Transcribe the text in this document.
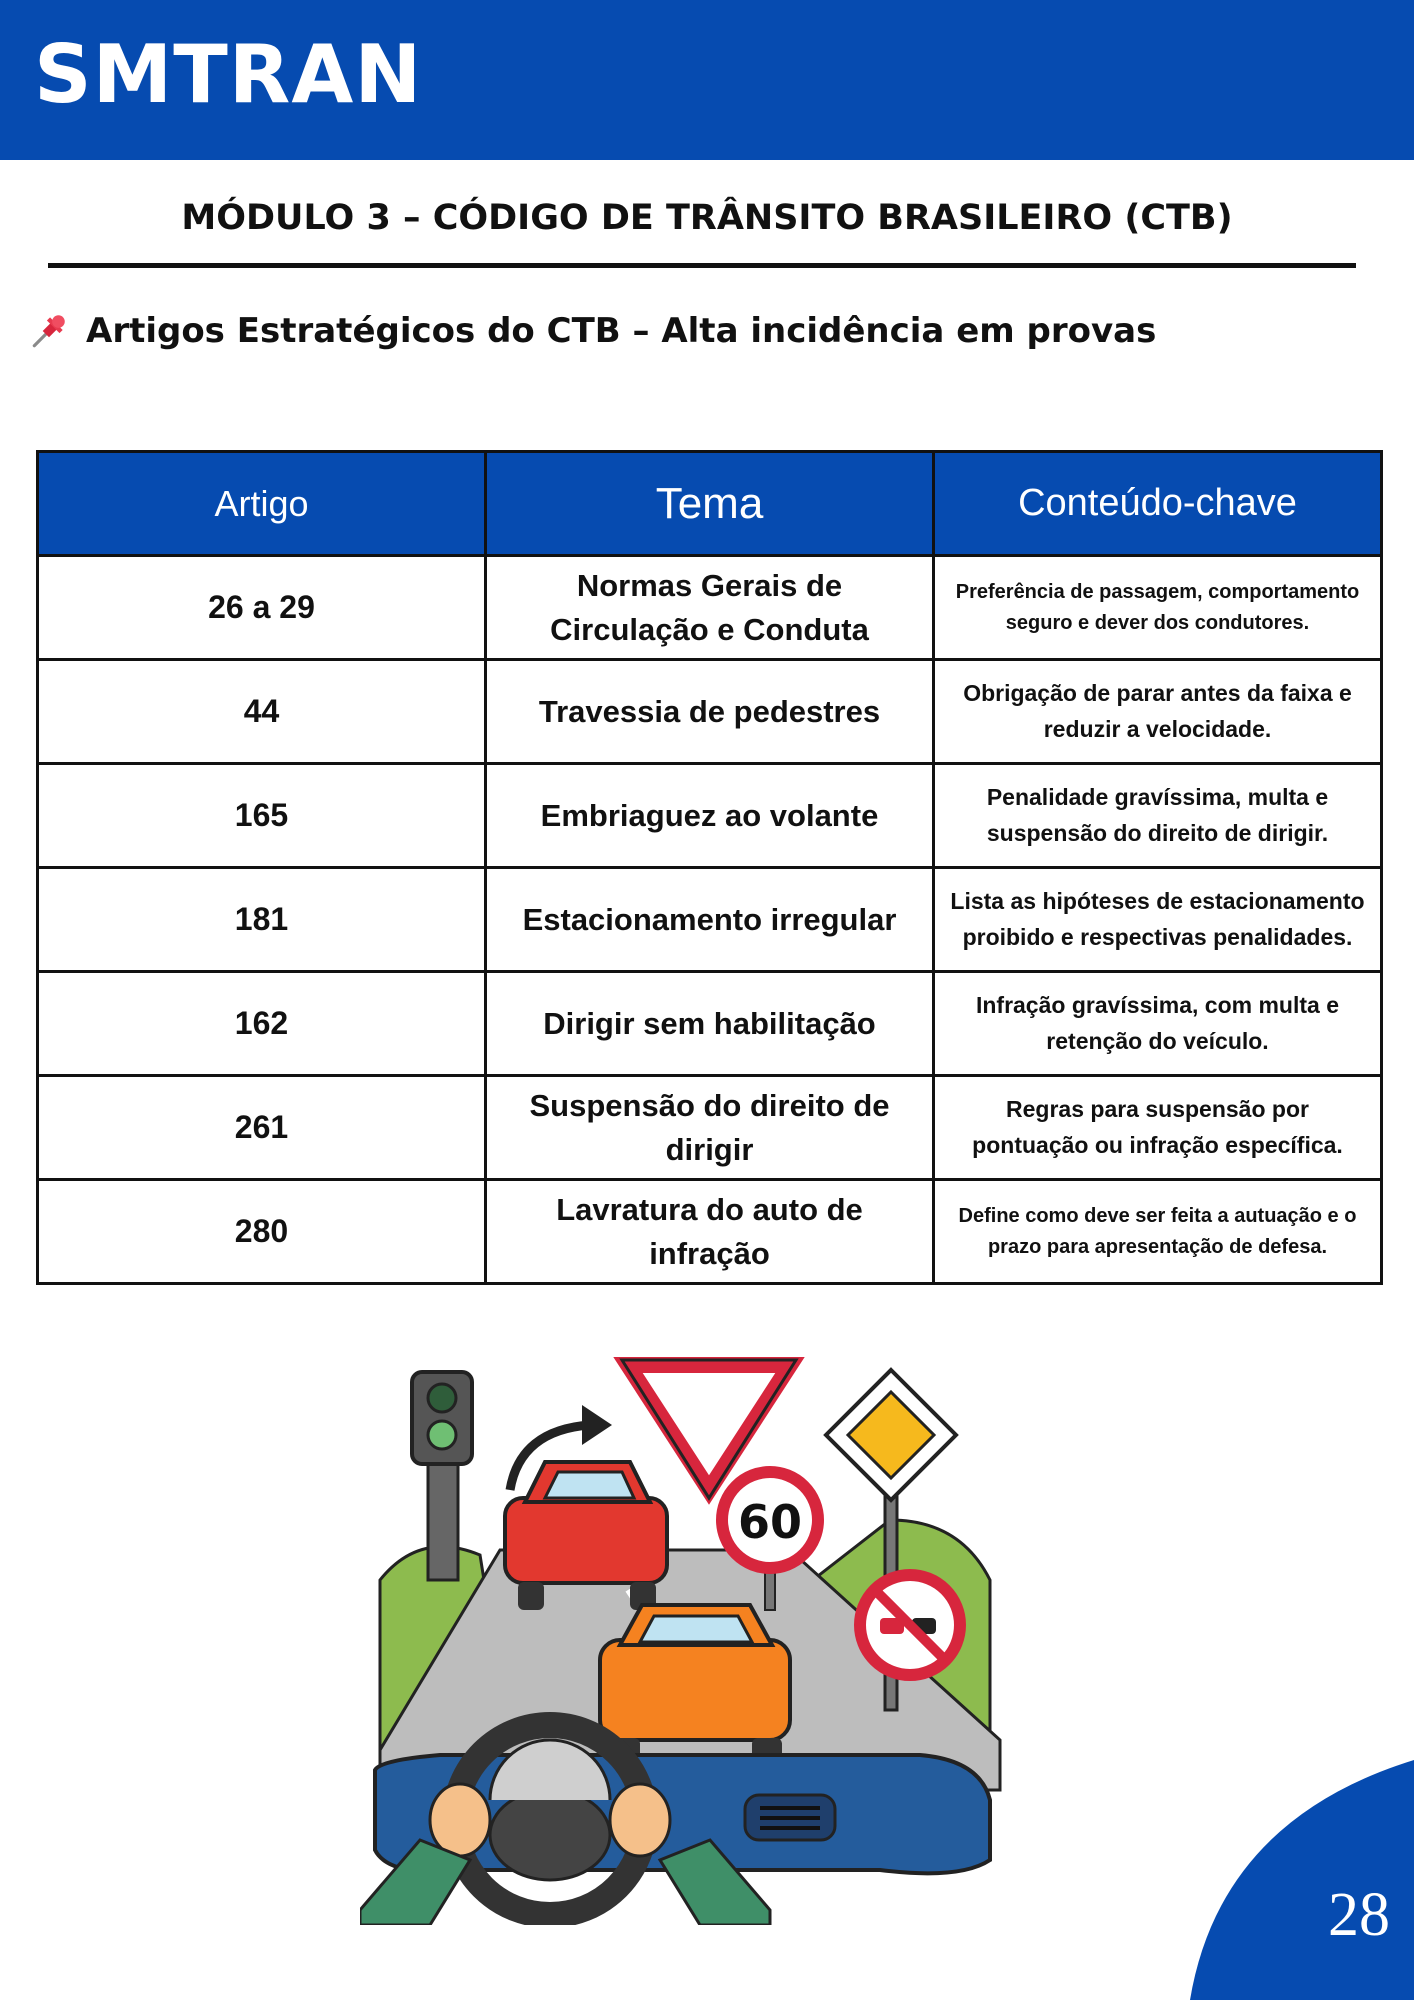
SMTRAN
MÓDULO 3 – CÓDIGO DE TRÂNSITO BRASILEIRO (CTB)
Artigos Estratégicos do CTB – Alta incidência em provas
Artigo	Tema	Conteúdo-chave
26 a 29	Normas Gerais de Circulação e Conduta	Preferência de passagem, comportamento seguro e dever dos condutores.
44	Travessia de pedestres	Obrigação de parar antes da faixa e reduzir a velocidade.
165	Embriaguez ao volante	Penalidade gravíssima, multa e suspensão do direito de dirigir.
181	Estacionamento irregular	Lista as hipóteses de estacionamento proibido e respectivas penalidades.
162	Dirigir sem habilitação	Infração gravíssima, com multa e retenção do veículo.
261	Suspensão do direito de dirigir	Regras para suspensão por pontuação ou infração específica.
280	Lavratura do auto de infração	Define como deve ser feita a autuação e o prazo para apresentação de defesa.
60
28
